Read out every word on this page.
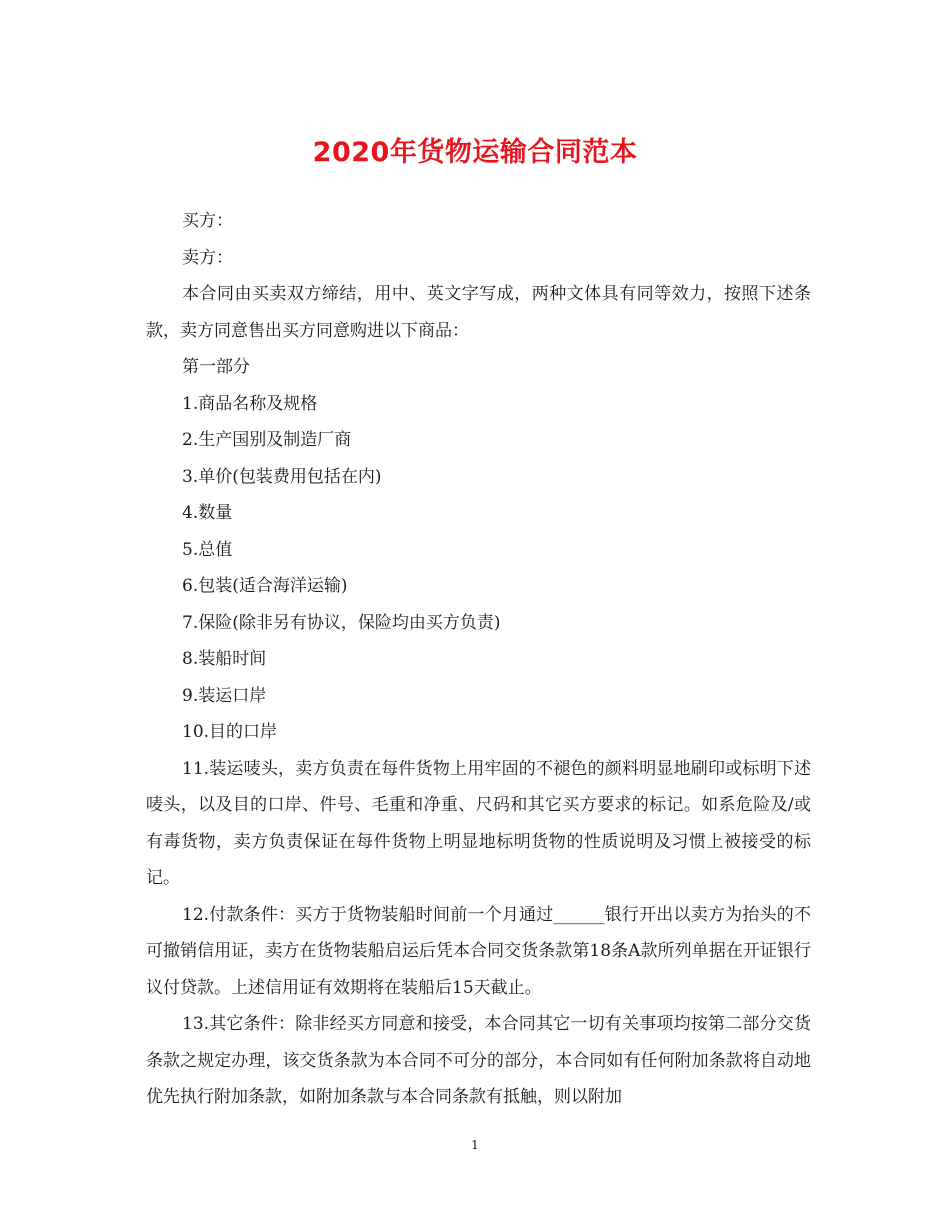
2020年货物运输合同范本

买方：

卖方：

本合同由买卖双方缔结，用中、英文字写成，两种文体具有同等效力，按照下述条款，卖方同意售出买方同意购进以下商品：

第一部分

1.商品名称及规格

2.生产国别及制造厂商

3.单价(包装费用包括在内)

4.数量

5.总值

6.包装(适合海洋运输)

7.保险(除非另有协议，保险均由买方负责)

8.装船时间

9.装运口岸

10.目的口岸

11.装运唛头，卖方负责在每件货物上用牢固的不褪色的颜料明显地刷印或标明下述唛头，以及目的口岸、件号、毛重和净重、尺码和其它买方要求的标记。如系危险及/或有毒货物，卖方负责保证在每件货物上明显地标明货物的性质说明及习惯上被接受的标记。

12.付款条件：买方于货物装船时间前一个月通过______银行开出以卖方为抬头的不可撤销信用证，卖方在货物装船启运后凭本合同交货条款第18条A款所列单据在开证银行议付贷款。上述信用证有效期将在装船后15天截止。

13.其它条件：除非经买方同意和接受，本合同其它一切有关事项均按第二部分交货条款之规定办理，该交货条款为本合同不可分的部分，本合同如有任何附加条款将自动地优先执行附加条款，如附加条款与本合同条款有抵触，则以附加

1
